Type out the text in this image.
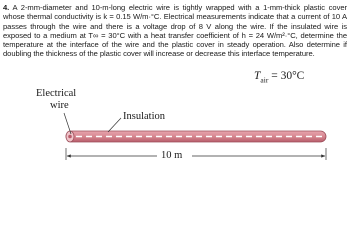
4. A 2-mm-diameter and 10-m-long electric wire is tightly wrapped with a 1-mm-thick plastic cover whose thermal conductivity is k = 0.15 W/m·°C. Electrical measurements indicate that a current of 10 A passes through the wire and there is a voltage drop of 8 V along the wire. If the insulated wire is exposed to a medium at T∞ = 30°C with a heat transfer coefficient of h = 24 W/m²·°C, determine the temperature at the interface of the wire and the plastic cover in steady operation. Also determine if doubling the thickness of the plastic cover will increase or decrease this interface temperature.
$T_{air} = 30^\circ C$
Electrical
wire
Insulation
10 m
